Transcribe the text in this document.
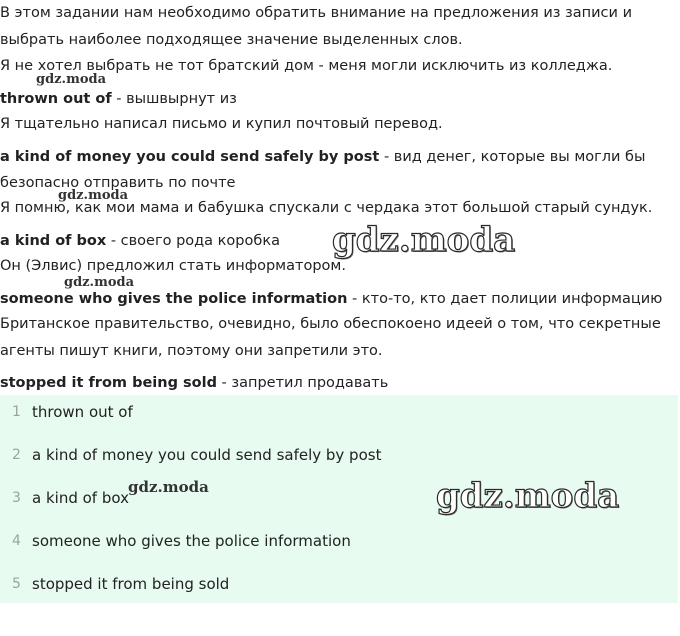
В этом задании нам необходимо обратить внимание на предложения из записи и
выбрать наиболее подходящее значение выделенных слов.
Я не хотел выбрать не тот братский дом - меня могли исключить из колледжа.
thrown out of - вышвырнут из
Я тщательно написал письмо и купил почтовый перевод.
a kind of money you could send safely by post - вид денег, которые вы могли бы
безопасно отправить по почте
Я помню, как мои мама и бабушка спускали с чердака этот большой старый сундук.
a kind of box - своего рода коробка
Он (Элвис) предложил стать информатором.
someone who gives the police information - кто-то, кто дает полиции информацию
Британское правительство, очевидно, было обеспокоено идеей о том, что секретные
агенты пишут книги, поэтому они запретили это.
stopped it from being sold - запретил продавать
1 thrown out of
2 a kind of money you could send safely by post
3 a kind of box
4 someone who gives the police information
5 stopped it from being sold
gdz.moda
gdz.moda
gdz.moda
gdz.moda
gdz.moda	gdz.moda
